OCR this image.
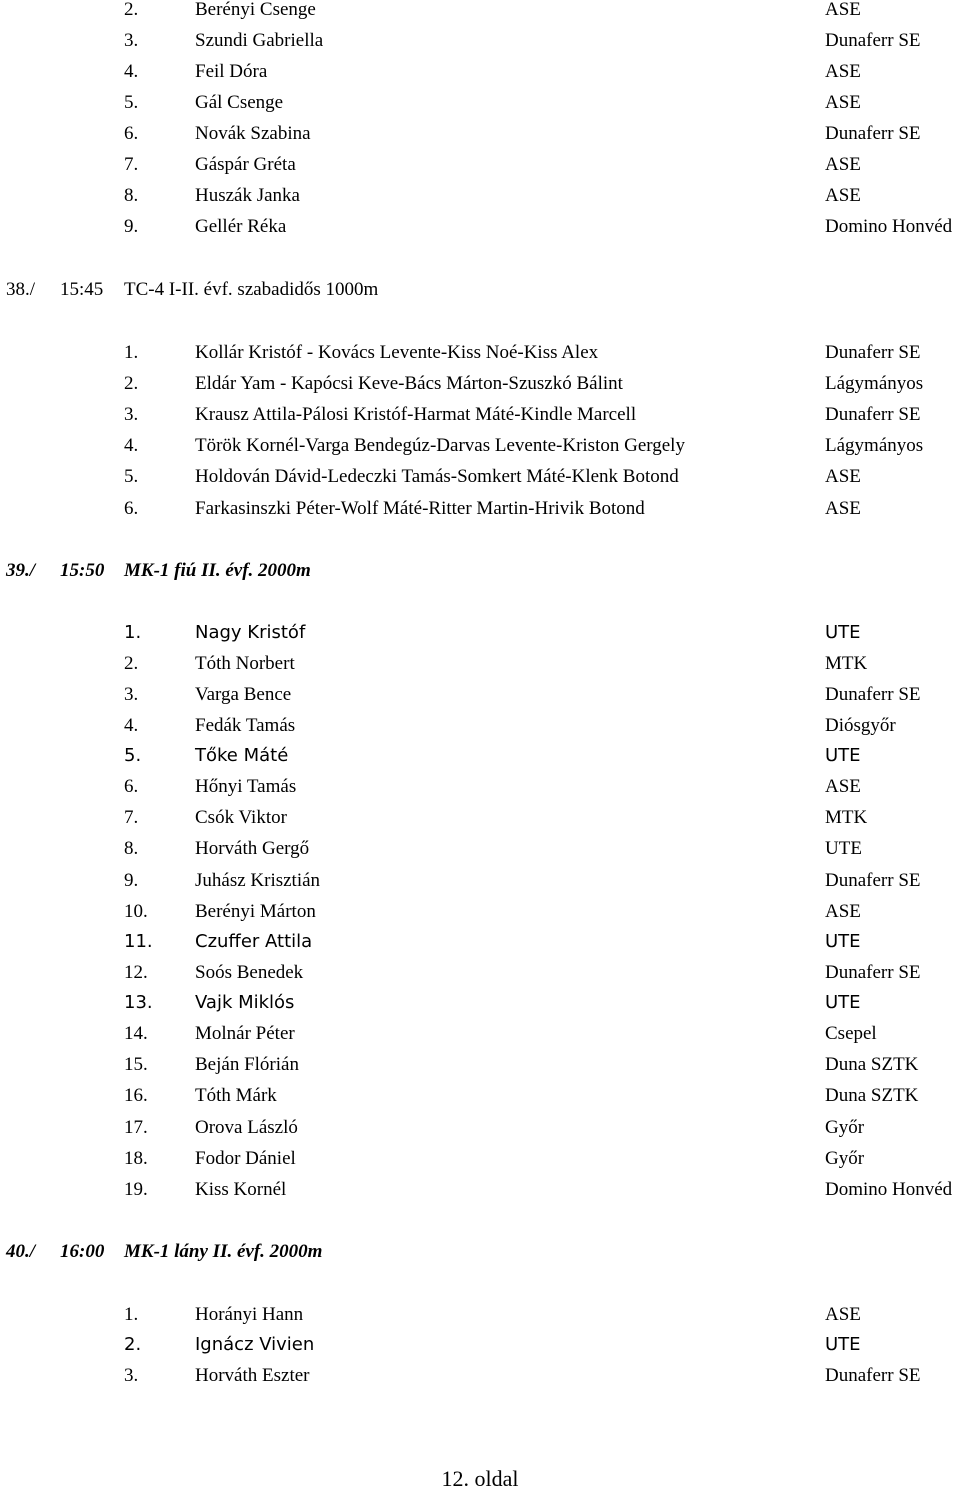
2.	Berényi Csenge	ASE
3.	Szundi Gabriella	Dunaferr SE
4.	Feil Dóra	ASE
5.	Gál Csenge	ASE
6.	Novák Szabina	Dunaferr SE
7.	Gáspár Gréta	ASE
8.	Huszák Janka	ASE
9.	Gellér Réka	Domino Honvéd
38./ 15:45 TC-4 I-II. évf. szabadidős 1000m
1.	Kollár Kristóf - Kovács Levente-Kiss Noé-Kiss Alex	Dunaferr SE
2.	Eldár Yam - Kapócsi Keve-Bács Márton-Szuszkó Bálint	Lágymányos
3.	Krausz Attila-Pálosi Kristóf-Harmat Máté-Kindle Marcell	Dunaferr SE
4.	Török Kornél-Varga Bendegúz-Darvas Levente-Kriston Gergely	Lágymányos
5.	Holdován Dávid-Ledeczki Tamás-Somkert Máté-Klenk Botond	ASE
6.	Farkasinszki Péter-Wolf Máté-Ritter Martin-Hrivik Botond	ASE
39./ 15:50 MK-1 fiú II. évf. 2000m
1.	Nagy Kristóf	UTE
2.	Tóth Norbert	MTK
3.	Varga Bence	Dunaferr SE
4.	Fedák Tamás	Diósgyőr
5.	Tőke Máté	UTE
6.	Hőnyi Tamás	ASE
7.	Csók Viktor	MTK
8.	Horváth Gergő	UTE
9.	Juhász Krisztián	Dunaferr SE
10. Berényi Márton	ASE
11. Czuffer Attila	UTE
12. Soós Benedek	Dunaferr SE
13. Vajk Miklós	UTE
14. Molnár Péter	Csepel
15. Beján Flórián	Duna SZTK
16. Tóth Márk	Duna SZTK
17. Orova László	Győr
18. Fodor Dániel	Győr
19. Kiss Kornél	Domino Honvéd
40./ 16:00 MK-1 lány II. évf. 2000m
1.	Horányi Hann	ASE
2.	Ignácz Vivien	UTE
3.	Horváth Eszter	Dunaferr SE
12. oldal
